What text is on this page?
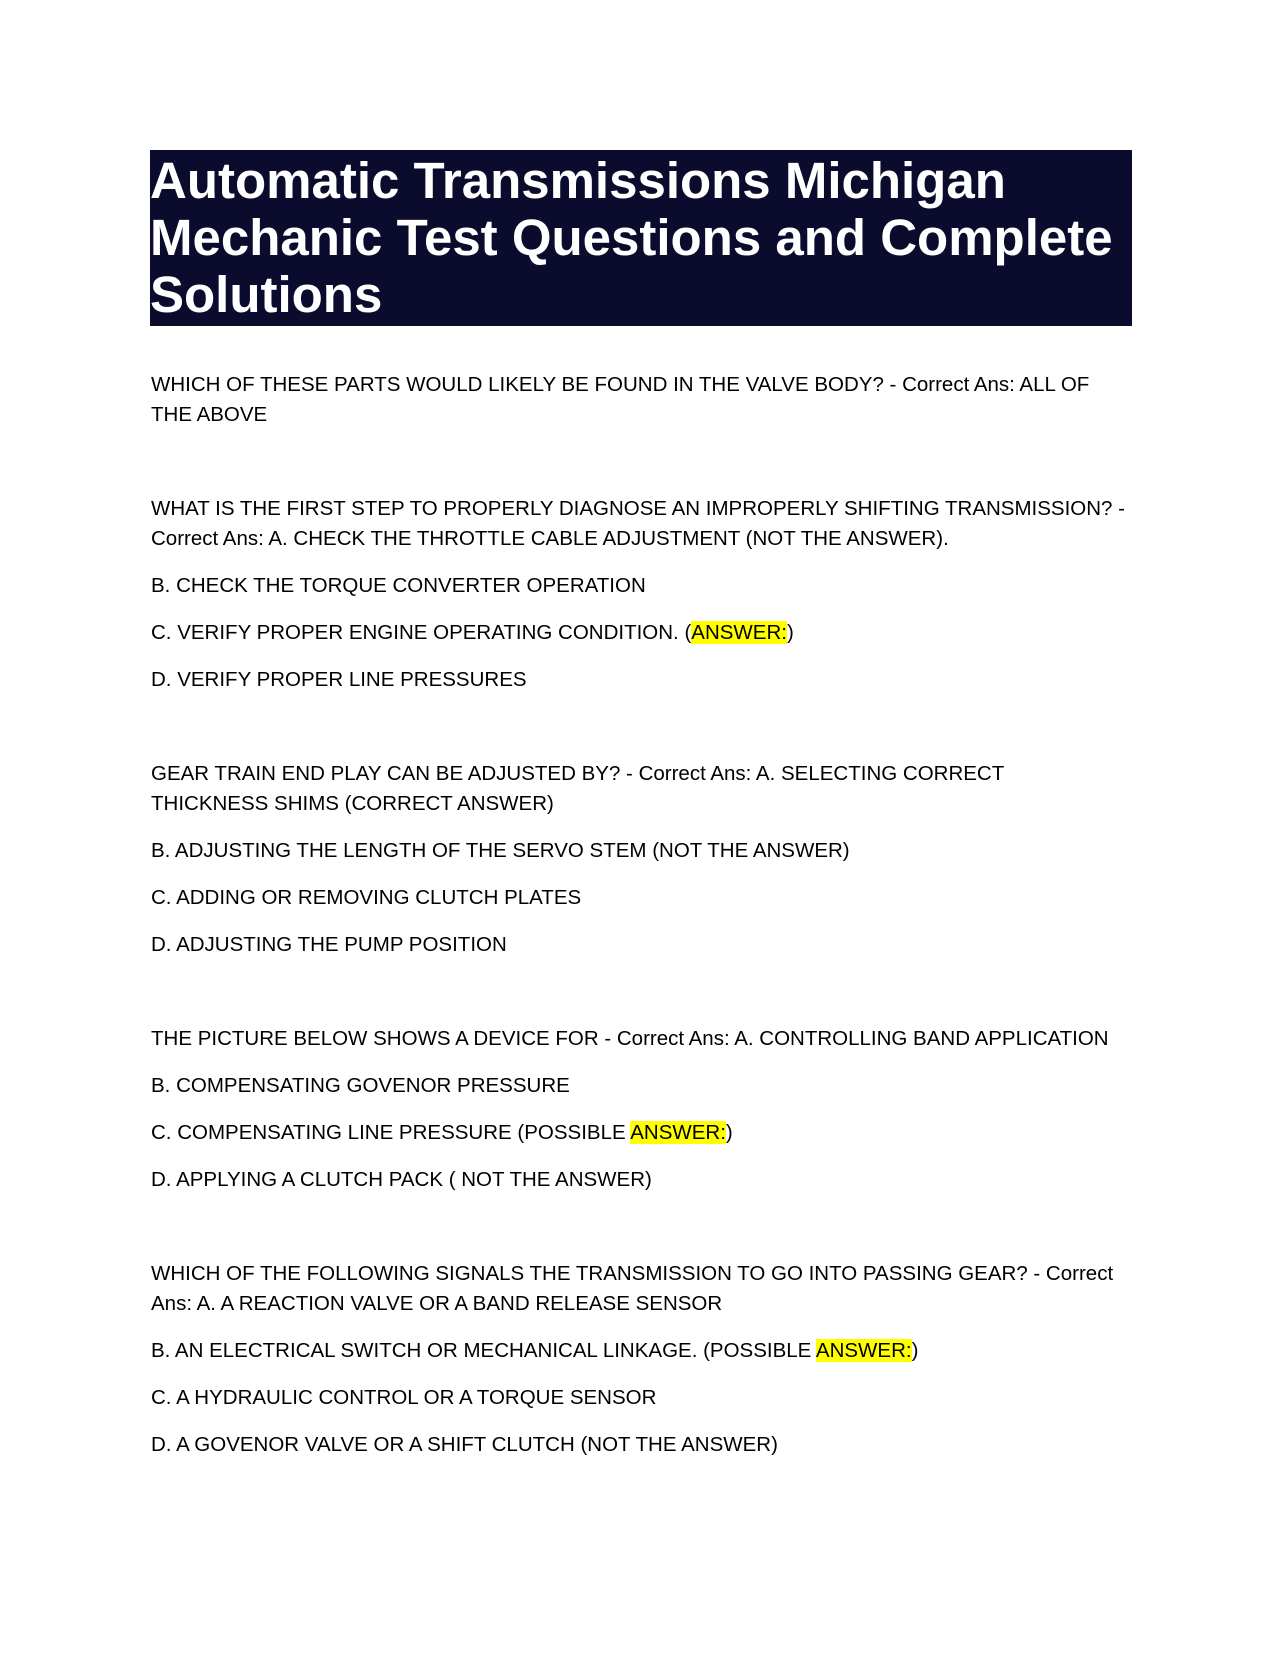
Automatic Transmissions Michigan Mechanic Test Questions and Complete Solutions
WHICH OF THESE PARTS WOULD LIKELY BE FOUND IN THE VALVE BODY? - Correct Ans: ALL OF THE ABOVE
WHAT IS THE FIRST STEP TO PROPERLY DIAGNOSE AN IMPROPERLY SHIFTING TRANSMISSION? - Correct Ans: A. CHECK THE THROTTLE CABLE ADJUSTMENT (NOT THE ANSWER).
B. CHECK THE TORQUE CONVERTER OPERATION
C. VERIFY PROPER ENGINE OPERATING CONDITION. (ANSWER:)
D. VERIFY PROPER LINE PRESSURES
GEAR TRAIN END PLAY CAN BE ADJUSTED BY? - Correct Ans: A. SELECTING CORRECT THICKNESS SHIMS (CORRECT ANSWER)
B. ADJUSTING THE LENGTH OF THE SERVO STEM (NOT THE ANSWER)
C. ADDING OR REMOVING CLUTCH PLATES
D. ADJUSTING THE PUMP POSITION
THE PICTURE BELOW SHOWS A DEVICE FOR - Correct Ans: A. CONTROLLING BAND APPLICATION
B. COMPENSATING GOVENOR PRESSURE
C. COMPENSATING LINE PRESSURE (POSSIBLE ANSWER:)
D. APPLYING A CLUTCH PACK ( NOT THE ANSWER)
WHICH OF THE FOLLOWING SIGNALS THE TRANSMISSION TO GO INTO PASSING GEAR? - Correct Ans: A. A REACTION VALVE OR A BAND RELEASE SENSOR
B. AN ELECTRICAL SWITCH OR MECHANICAL LINKAGE. (POSSIBLE ANSWER:)
C. A HYDRAULIC CONTROL OR A TORQUE SENSOR
D. A GOVENOR VALVE OR A SHIFT CLUTCH (NOT THE ANSWER)
